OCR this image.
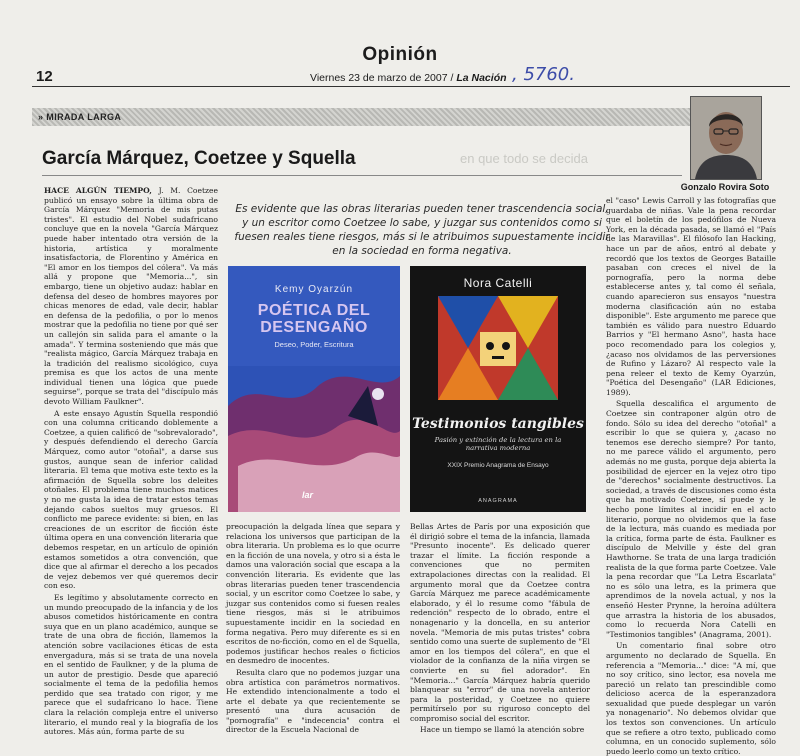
Opinión
12	Viernes 23 de marzo de 2007 / La Nación , 5760.
» MIRADA LARGA
Gonzalo Rovira Soto
en que todo se decida
García Márquez, Coetzee y Squella
Es evidente que las obras literarias pueden tener trascendencia social, y un escritor como Coetzee lo sabe, y juzgar sus contenidos como si fuesen reales tiene riesgos, más si le atribuimos supuestamente incidir en la sociedad en forma negativa.

HACE ALGÚN TIEMPO, J. M. Coetzee publicó un ensayo sobre la última obra de García Márquez "Memoria de mis putas tristes". El estudio del Nobel sudafricano concluye que en la novela "García Márquez puede haber intentado otra versión de la historia, artística y moralmente insatisfactoria, de Florentino y América en "El amor en los tiempos del cólera". Va más allá y propone que "Memoria...", sin embargo, tiene un objetivo audaz: hablar en defensa del deseo de hombres mayores por chicas menores de edad, vale decir, hablar en defensa de la pedofilia, o por lo menos mostrar que la pedofilia no tiene por qué ser un callejón sin salida para el amante o la amada". Y termina sosteniendo que más que "realista mágico, García Márquez trabaja en la tradición del realismo sicológico, cuya premisa es que los actos de una mente individual tienen una lógica que puede seguirse", porque se trata del "discípulo más devoto William Faulkner".

A este ensayo Agustín Squella respondió con una columna criticando doblemente a Coetzee, a quien calificó de "sobrevalorado", y después defendiendo el derecho García Márquez, como autor "otoñal", a darse sus gustos, aunque sean de inferior calidad literaria. El tema que motiva este texto es la afirmación de Squella sobre los deleites otoñales. El problema tiene muchos matices y no me gusta la idea de tratar estos temas dejando cabos sueltos muy gruesos. El conflicto me parece evidente: si bien, en las creaciones de un escritor de ficción éste última opera en una convención literaria que debemos respetar, en un artículo de opinión estamos sometidos a otra convención, que dice que al afirmar el derecho a los pecados de vejez debemos ver qué queremos decir con eso.

Es legítimo y absolutamente correcto en un mundo preocupado de la infancia y de los abusos cometidos históricamente en contra suya que en un plano académico, aunque se trate de una obra de ficción, llamemos la atención sobre vacilaciones éticas de esta envergadura, más si se trata de una novela en el sentido de Faulkner, y de la pluma de un autor de prestigio. Desde que apareció socialmente el tema de la pedofilia hemos perdido que sea tratado con rigor, y me parece que el sudafricano lo hace. Tiene clara la relación compleja entre el universo literario, el mundo real y la biografía de los autores. Más aún, forma parte de su

Kemy Oyarzún
POÉTICA DEL DESENGAÑO
Deseo, Poder, Escritura
lar
Nora Catelli
Testimonios tangibles
Pasión y extinción de la lectura en la narrativa moderna
XXIX Premio Anagrama de Ensayo
ANAGRAMA

preocupación la delgada línea que separa y relaciona los universos que participan de la obra literaria. Un problema es lo que ocurre en la ficción de una novela, y otro si a ésta le damos una valoración social que escapa a la convención literaria. Es evidente que las obras literarias pueden tener trascendencia social, y un escritor como Coetzee lo sabe, y juzgar sus contenidos como si fuesen reales tiene riesgos, más si le atribuimos supuestamente incidir en la sociedad en forma negativa. Pero muy diferente es si en escritos de no-ficción, como en el de Squella, podemos justificar hechos reales o ficticios en desmedro de inocentes.

Resulta claro que no podemos juzgar una obra artística con parámetros normativos. He extendido intencionalmente a todo el arte el debate ya que recientemente se presentó una dura acusación de "pornografía" e "indecencia" contra el director de la Escuela Nacional de

Bellas Artes de París por una exposición que él dirigió sobre el tema de la infancia, llamada "Presunto inocente". Es delicado querer trazar el límite. La ficción responde a convenciones que no permiten extrapolaciones directas con la realidad. El argumento moral que da Coetzee contra García Márquez me parece académicamente elaborado, y él lo resume como "fábula de redención" respecto de lo obrado, entre el nonagenario y la doncella, en su anterior novela. "Memoria de mis putas tristes" cobra sentido como una suerte de suplemento de "El amor en los tiempos del cólera", en que el violador de la confianza de la niña virgen se convierte en su fiel adorador". En "Memoria..." García Márquez habría querido blanquear su "error" de una novela anterior para la posteridad, y Coetzee no quiere permitírselo por su riguroso concepto del compromiso social del escritor.

Hace un tiempo se llamó la atención sobre

el "caso" Lewis Carroll y las fotografías que guardaba de niñas. Vale la pena recordar que el boletín de los pedófilos de Nueva York, en la década pasada, se llamó el "País de las Maravillas". El filósofo Ian Hacking, hace un par de años, entró al debate y recordó que los textos de Georges Bataille pasaban con creces el nivel de la pornografía, pero la norma debe establecerse antes y, tal como él señala, cuando aparecieron sus ensayos "nuestra moderna clasificación aún no estaba disponible". Este argumento me parece que también es válido para nuestro Eduardo Barrios y "El hermano Asno", hasta hace poco recomendado para los colegios y, ¿acaso nos olvidamos de las perversiones de Rufino y Lázaro? Al respecto vale la pena releer el texto de Kemy Oyarzún, "Poética del Desengaño" (LAR Ediciones, 1989).

Squella descalifica el argumento de Coetzee sin contraponer algún otro de fondo. Sólo su idea del derecho "otoñal" a escribir lo que se quiera y, ¿acaso no tenemos ese derecho siempre? Por tanto, no me parece válido el argumento, pero además no me gusta, porque deja abierta la posibilidad de ejercer en la vejez otro tipo de "derechos" socialmente destructivos. La sociedad, a través de discusiones como ésta que ha motivado Coetzee, sí puede y le hecho pone límites al incidir en el acto literario, porque no olvidemos que la fase de la lectura, más cuando es mediada por la crítica, forma parte de ésta. Faulkner es discípulo de Melville y éste del gran Hawthorne. Se trata de una larga tradición realista de la que forma parte Coetzee. Vale la pena recordar que "La Letra Escarlata" no es sólo una letra, es la primera que aprendimos de la novela actual, y nos la enseñó Hester Prynne, la heroína adúltera que arrastra la historia de los abusados, como lo recuerda Nora Catelli en "Testimonios tangibles" (Anagrama, 2001).

Un comentario final sobre otro argumento no declarado de Squella. En referencia a "Memoria..." dice: "A mí, que no soy crítico, sino lector, esa novela me pareció un relato tan prescindible como delicioso acerca de la esperanzadora sexualidad que puede desplegar un varón ya nonagenario". No debemos olvidar que los textos son convenciones. Un artículo que se refiere a otro texto, publicado como columna, en un conocido suplemento, sólo puedo leerlo como un texto crítico.
